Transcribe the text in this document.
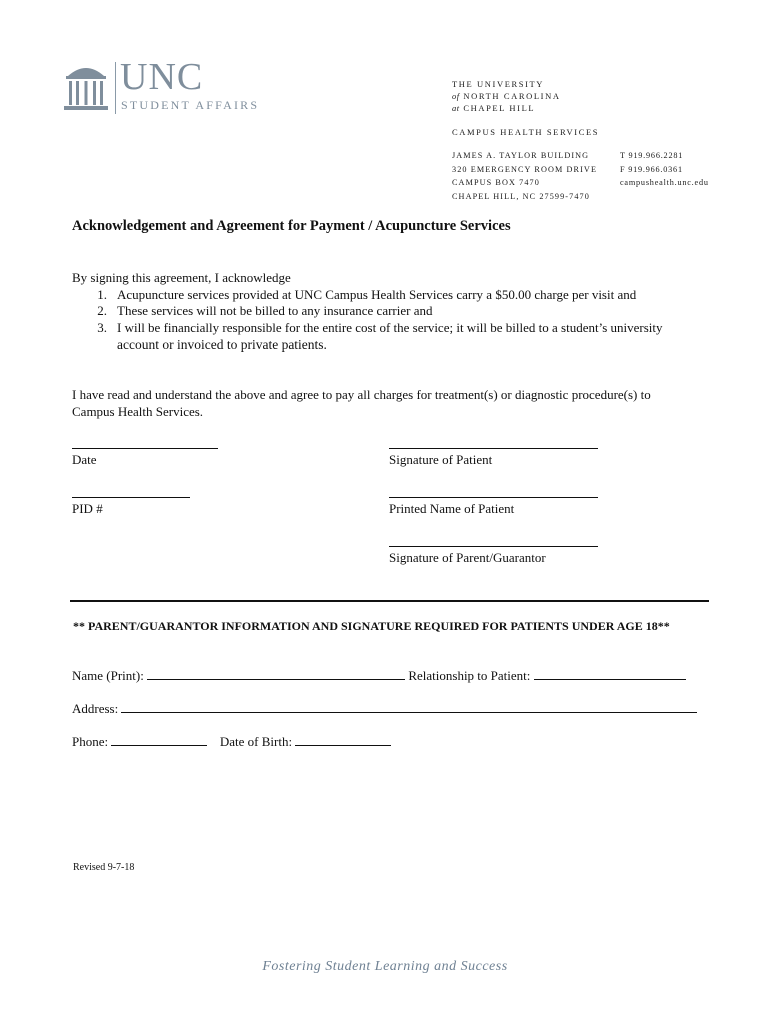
UNC
STUDENT AFFAIRS
THE UNIVERSITY
of NORTH CAROLINA
at CHAPEL HILL
CAMPUS HEALTH SERVICES
JAMES A. TAYLOR BUILDING
320 EMERGENCY ROOM DRIVE
CAMPUS BOX 7470
CHAPEL HILL, NC 27599-7470
T 919.966.2281
F 919.966.0361
campushealth.unc.edu
Acknowledgement and Agreement for Payment / Acupuncture Services
By signing this agreement, I acknowledge
1. Acupuncture services provided at UNC Campus Health Services carry a $50.00 charge per visit and
2. These services will not be billed to any insurance carrier and
3. I will be financially responsible for the entire cost of the service; it will be billed to a student’s university
account or invoiced to private patients.
I have read and understand the above and agree to pay all charges for treatment(s) or diagnostic procedure(s) to
Campus Health Services.
Date	Signature of Patient
PID #	Printed Name of Patient
Signature of Parent/Guarantor
** PARENT/GUARANTOR INFORMATION AND SIGNATURE REQUIRED FOR PATIENTS UNDER AGE 18**
Name (Print):	Relationship to Patient:
Address:
Phone:	Date of Birth:
Revised 9-7-18
Fostering Student Learning and Success
